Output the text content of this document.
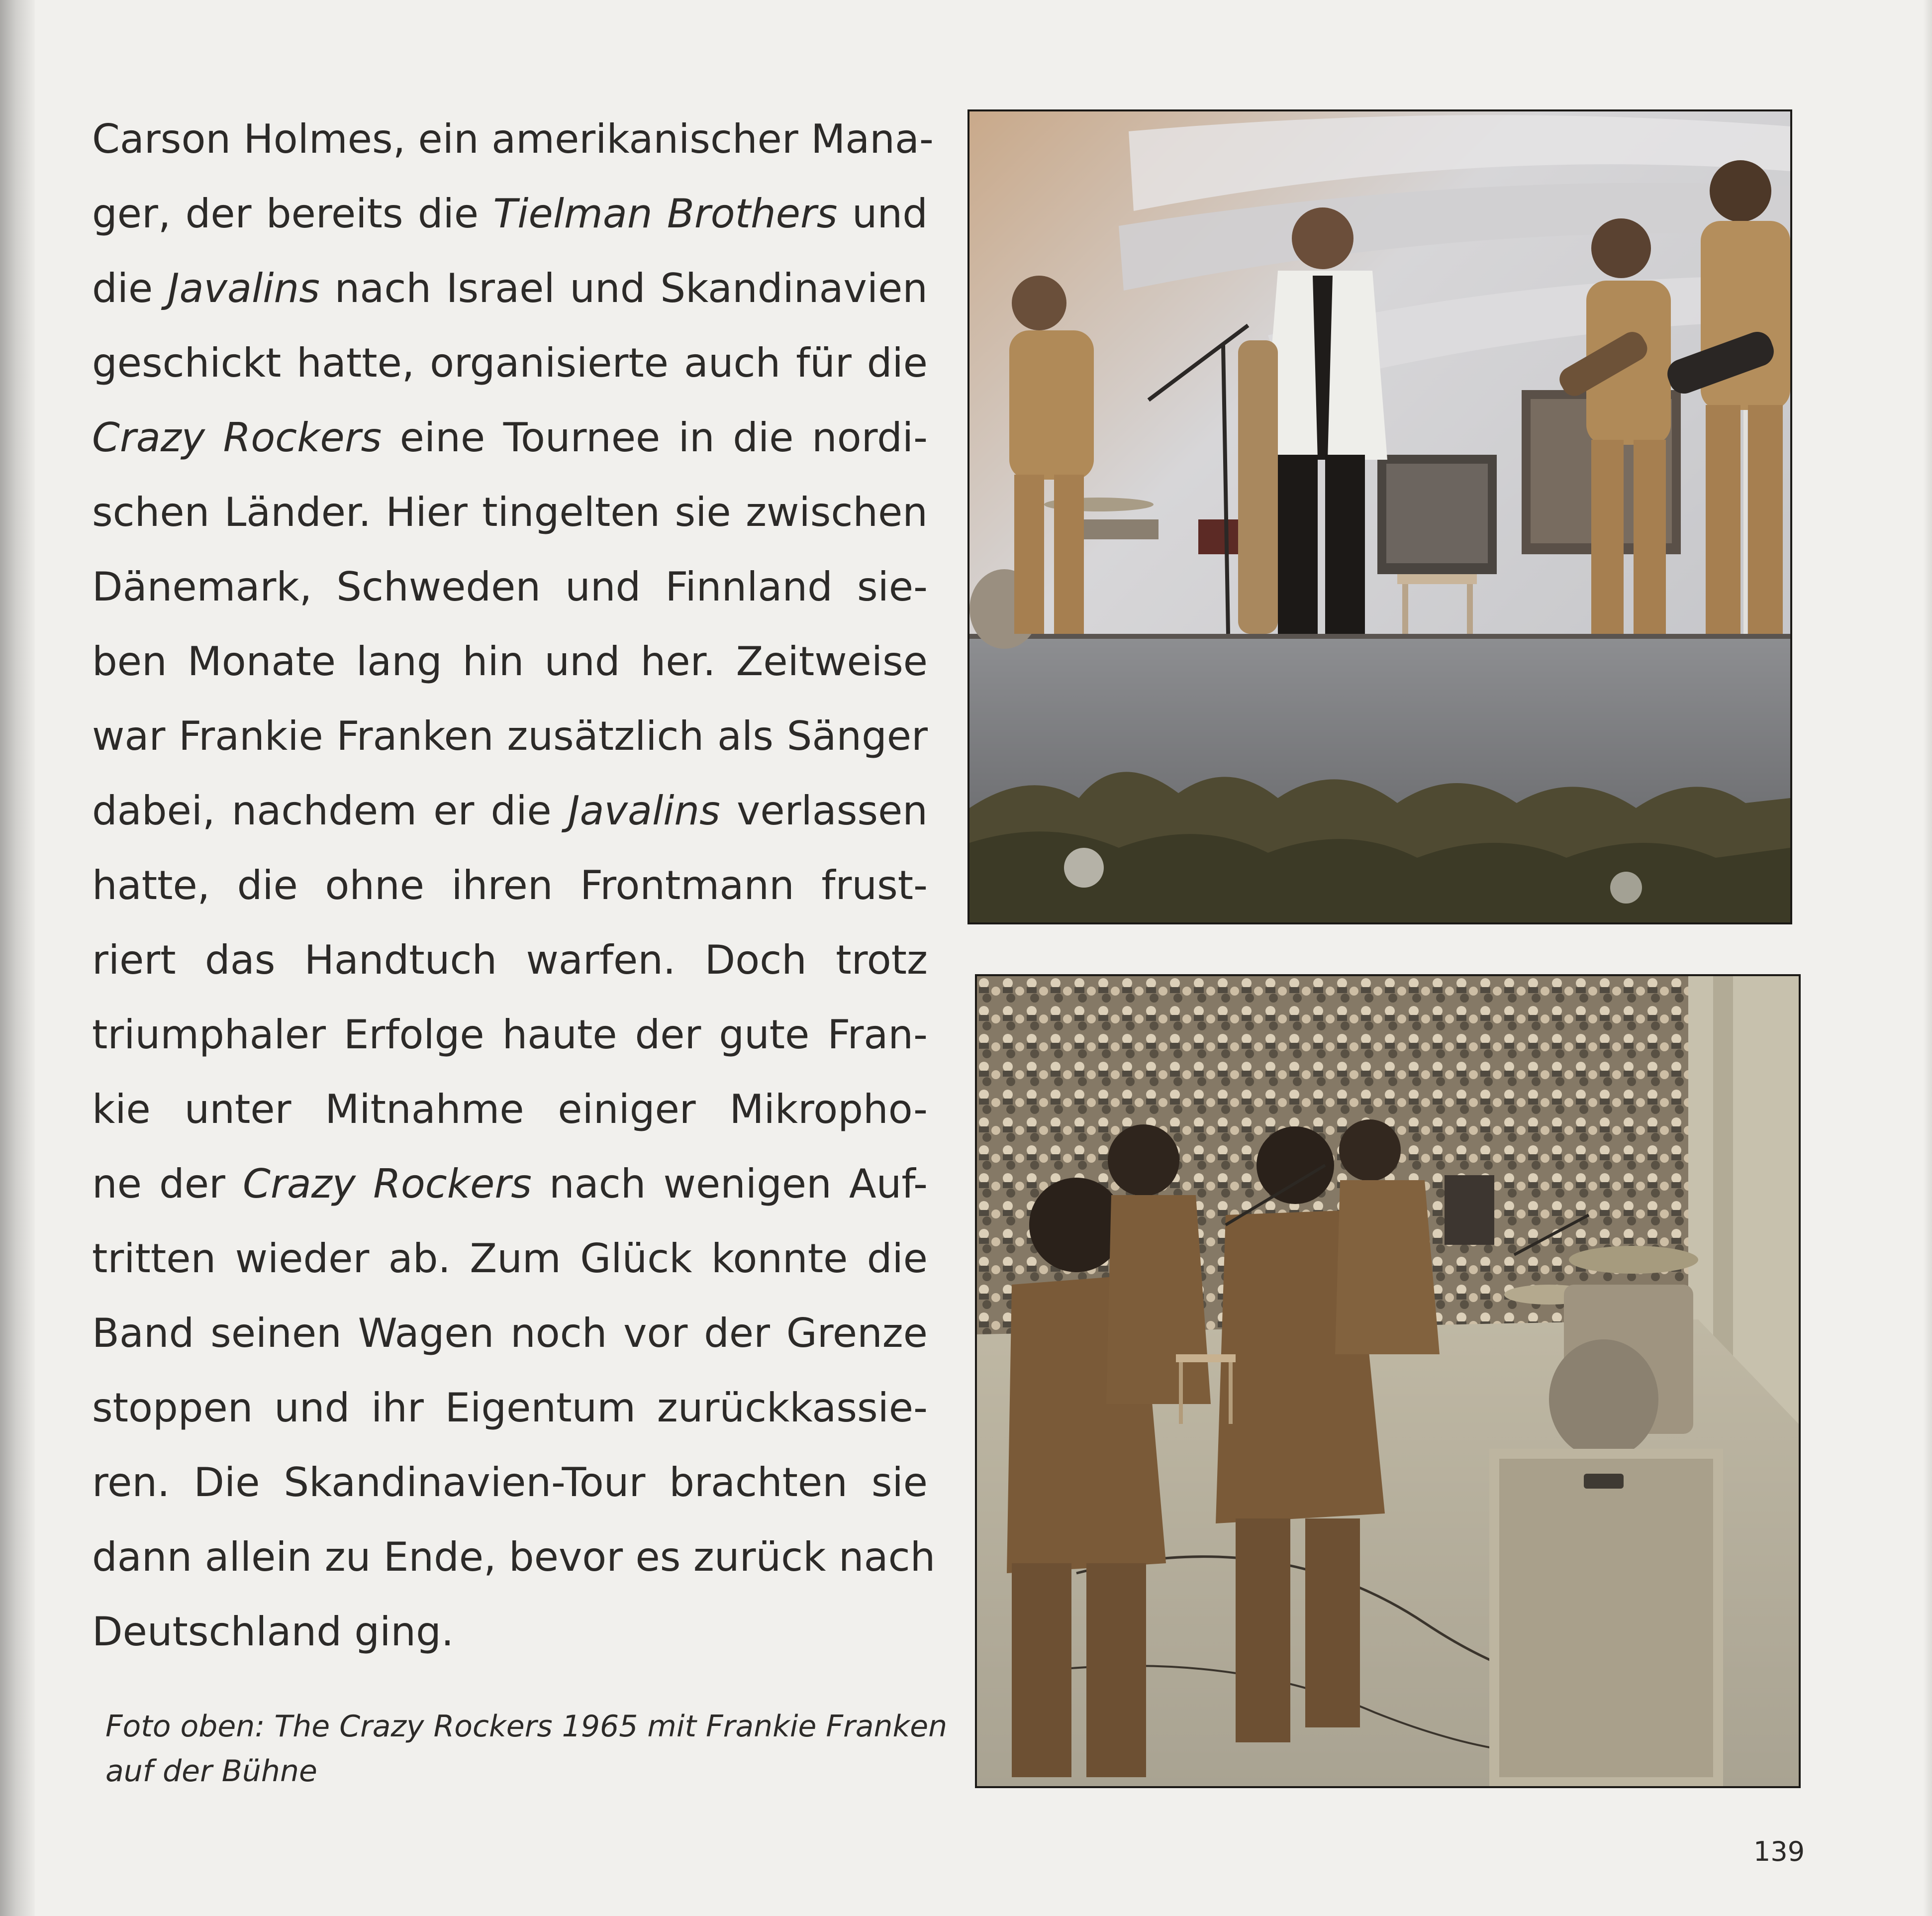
Carson Holmes, ein amerikanischer Mana-
ger, der bereits die Tielman Brothers und
die Javalins nach Israel und Skandinavien
geschickt hatte, organisierte auch für die
Crazy Rockers eine Tournee in die nordi-
schen Länder. Hier tingelten sie zwischen
Dänemark, Schweden und Finnland sie-
ben Monate lang hin und her. Zeitweise
war Frankie Franken zusätzlich als Sänger
dabei, nachdem er die Javalins verlassen
hatte, die ohne ihren Frontmann frust-
riert das Handtuch warfen. Doch trotz
triumphaler Erfolge haute der gute Fran-
kie unter Mitnahme einiger Mikropho-
ne der Crazy Rockers nach wenigen Auf-
tritten wieder ab. Zum Glück konnte die
Band seinen Wagen noch vor der Grenze
stoppen und ihr Eigentum zurückkassie-
ren. Die Skandinavien-Tour brachten sie
dann allein zu Ende, bevor es zurück nach
Deutschland ging.
Foto oben: The Crazy Rockers 1965 mit Frankie Franken
auf der Bühne
139
